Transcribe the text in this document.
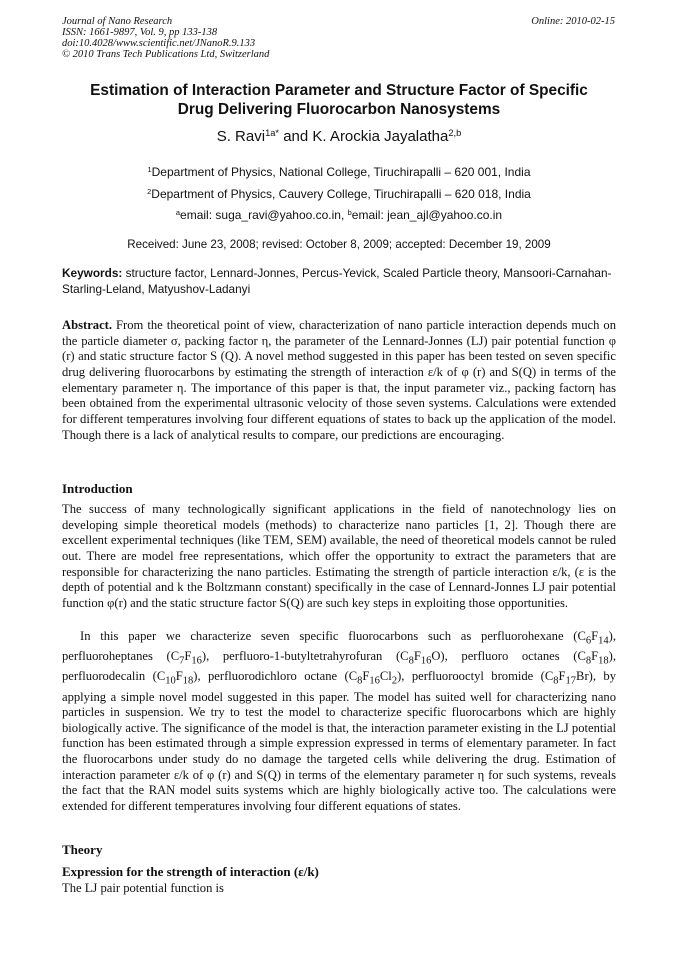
Journal of Nano Research
ISSN: 1661-9897, Vol. 9, pp 133-138
doi:10.4028/www.scientific.net/JNanoR.9.133
© 2010 Trans Tech Publications Ltd, Switzerland
Online: 2010-02-15
Estimation of Interaction Parameter and Structure Factor of Specific
Drug Delivering Fluorocarbon Nanosystems
S. Ravi$^{1a*}$ and K. Arockia Jayalatha$^{2,b}$
$^1$Department of Physics, National College, Tiruchirapalli – 620 001, India
$^2$Department of Physics, Cauvery College, Tiruchirapalli – 620 018, India
$^a$email: suga_ravi@yahoo.co.in, $^b$email: jean_ajl@yahoo.co.in
Received: June 23, 2008; revised: October 8, 2009; accepted: December 19, 2009
Keywords: structure factor, Lennard-Jonnes, Percus-Yevick, Scaled Particle theory, Mansoori-Carnahan-Starling-Leland, Matyushov-Ladanyi
Abstract. From the theoretical point of view, characterization of nano particle interaction depends much on the particle diameter σ, packing factor η, the parameter of the Lennard-Jonnes (LJ) pair potential function φ (r) and static structure factor S (Q). A novel method suggested in this paper has been tested on seven specific drug delivering fluorocarbons by estimating the strength of interaction ε/k of φ (r) and S(Q) in terms of the elementary parameter η. The importance of this paper is that, the input parameter viz., packing factorη has been obtained from the experimental ultrasonic velocity of those seven systems. Calculations were extended for different temperatures involving four different equations of states to back up the application of the model. Though there is a lack of analytical results to compare, our predictions are encouraging.
Introduction
The success of many technologically significant applications in the field of nanotechnology lies on developing simple theoretical models (methods) to characterize nano particles [1, 2]. Though there are excellent experimental techniques (like TEM, SEM) available, the need of theoretical models cannot be ruled out. There are model free representations, which offer the opportunity to extract the parameters that are responsible for characterizing the nano particles. Estimating the strength of particle interaction ε/k, (ε is the depth of potential and k the Boltzmann constant) specifically in the case of Lennard-Jonnes LJ pair potential function φ(r) and the static structure factor S(Q) are such key steps in exploiting those opportunities.
In this paper we characterize seven specific fluorocarbons such as perfluorohexane $(C_6F_{14})$, perfluoroheptanes $(C_7F_{16})$, perfluoro-1-butyltetrahyrofuran $(C_8F_{16}O)$, perfluoro octanes $(C_8F_{18})$, perfluorodecalin $(C_{10}F_{18})$, perfluorodichloro octane $(C_8F_{16}Cl_2)$, perfluorooctyl bromide $(C_8F_{17}Br)$, by applying a simple novel model suggested in this paper. The model has suited well for characterizing nano particles in suspension. We try to test the model to characterize specific fluorocarbons which are highly biologically active. The significance of the model is that, the interaction parameter existing in the LJ potential function has been estimated through a simple expression expressed in terms of elementary parameter. In fact the fluorocarbons under study do no damage the targeted cells while delivering the drug. Estimation of interaction parameter ε/k of φ (r) and S(Q) in terms of the elementary parameter η for such systems, reveals the fact that the RAN model suits systems which are highly biologically active too. The calculations were extended for different temperatures involving four different equations of states.
Theory
Expression for the strength of interaction (ε/k)
The LJ pair potential function is
